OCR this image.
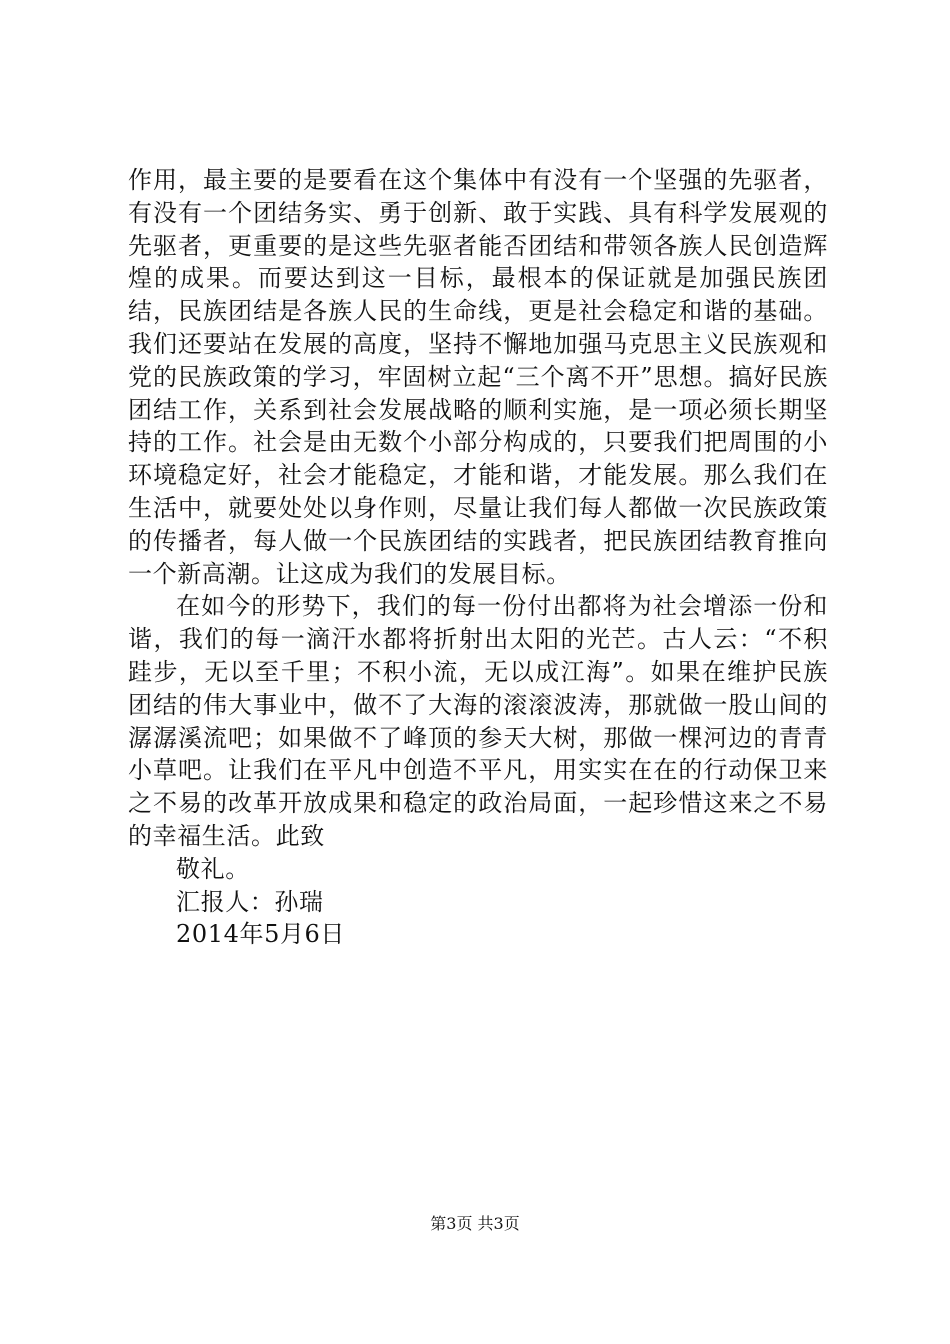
作用，最主要的是要看在这个集体中有没有一个坚强的先驱者，有没有一个团结务实、勇于创新、敢于实践、具有科学发展观的先驱者，更重要的是这些先驱者能否团结和带领各族人民创造辉煌的成果。而要达到这一目标，最根本的保证就是加强民族团结，民族团结是各族人民的生命线，更是社会稳定和谐的基础。我们还要站在发展的高度，坚持不懈地加强马克思主义民族观和党的民族政策的学习，牢固树立起“三个离不开”思想。搞好民族团结工作，关系到社会发展战略的顺利实施，是一项必须长期坚持的工作。社会是由无数个小部分构成的，只要我们把周围的小环境稳定好，社会才能稳定，才能和谐，才能发展。那么我们在生活中，就要处处以身作则，尽量让我们每人都做一次民族政策的传播者，每人做一个民族团结的实践者，把民族团结教育推向一个新高潮。让这成为我们的发展目标。

在如今的形势下，我们的每一份付出都将为社会增添一份和谐，我们的每一滴汗水都将折射出太阳的光芒。古人云：“不积跬步，无以至千里；不积小流，无以成江海”。如果在维护民族团结的伟大事业中，做不了大海的滚滚波涛，那就做一股山间的潺潺溪流吧；如果做不了峰顶的参天大树，那做一棵河边的青青小草吧。让我们在平凡中创造不平凡，用实实在在的行动保卫来之不易的改革开放成果和稳定的政治局面，一起珍惜这来之不易的幸福生活。此致

敬礼。

汇报人：孙瑞

2014年5月6日

第3页 共3页
